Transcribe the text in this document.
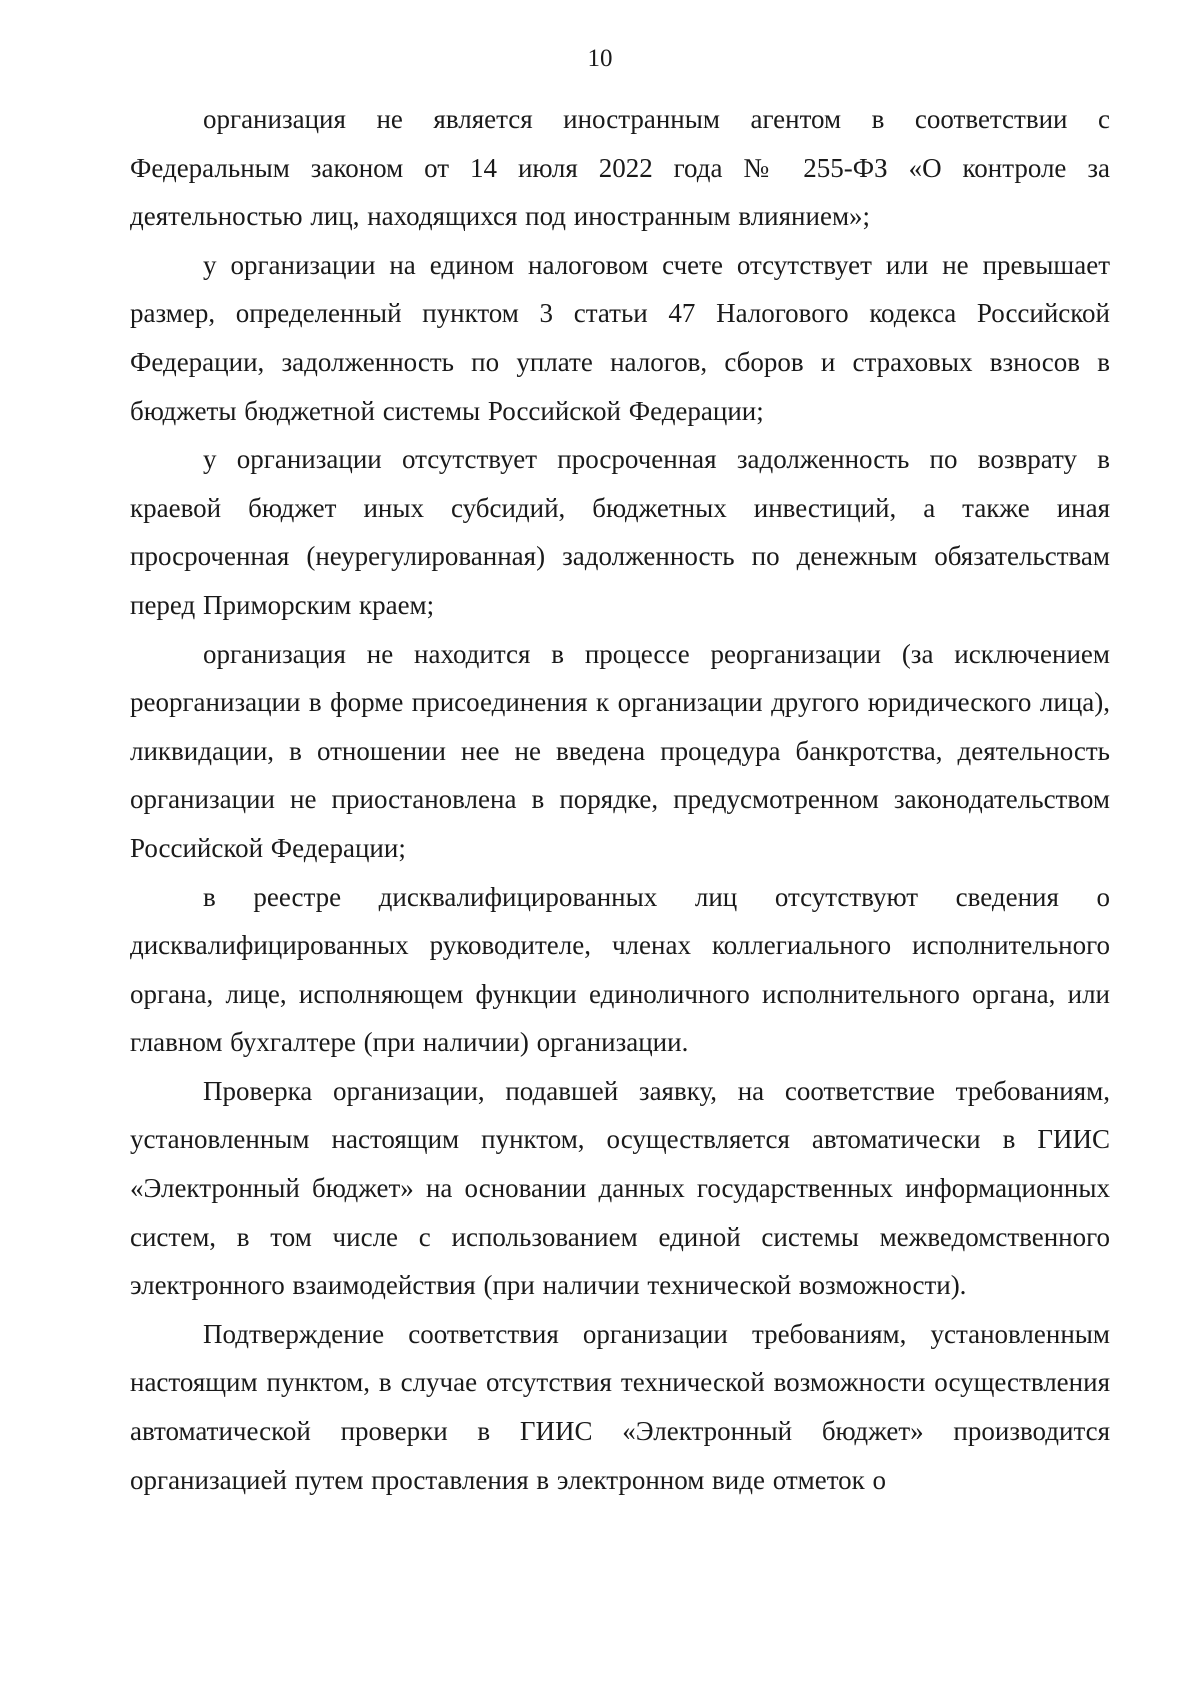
10

организация не является иностранным агентом в соответствии с Федеральным законом от 14 июля 2022 года № 255-ФЗ «О контроле за деятельностью лиц, находящихся под иностранным влиянием»;

у организации на едином налоговом счете отсутствует или не превышает размер, определенный пунктом 3 статьи 47 Налогового кодекса Российской Федерации, задолженность по уплате налогов, сборов и страховых взносов в бюджеты бюджетной системы Российской Федерации;

у организации отсутствует просроченная задолженность по возврату в краевой бюджет иных субсидий, бюджетных инвестиций, а также иная просроченная (неурегулированная) задолженность по денежным обязательствам перед Приморским краем;

организация не находится в процессе реорганизации (за исключением реорганизации в форме присоединения к организации другого юридического лица), ликвидации, в отношении нее не введена процедура банкротства, деятельность организации не приостановлена в порядке, предусмотренном законодательством Российской Федерации;

в реестре дисквалифицированных лиц отсутствуют сведения о дисквалифицированных руководителе, членах коллегиального исполнительного органа, лице, исполняющем функции единоличного исполнительного органа, или главном бухгалтере (при наличии) организации.

Проверка организации, подавшей заявку, на соответствие требованиям, установленным настоящим пунктом, осуществляется автоматически в ГИИС «Электронный бюджет» на основании данных государственных информационных систем, в том числе с использованием единой системы межведомственного электронного взаимодействия (при наличии технической возможности).

Подтверждение соответствия организации требованиям, установленным настоящим пунктом, в случае отсутствия технической возможности осуществления автоматической проверки в ГИИС «Электронный бюджет» производится организацией путем проставления в электронном виде отметок о
